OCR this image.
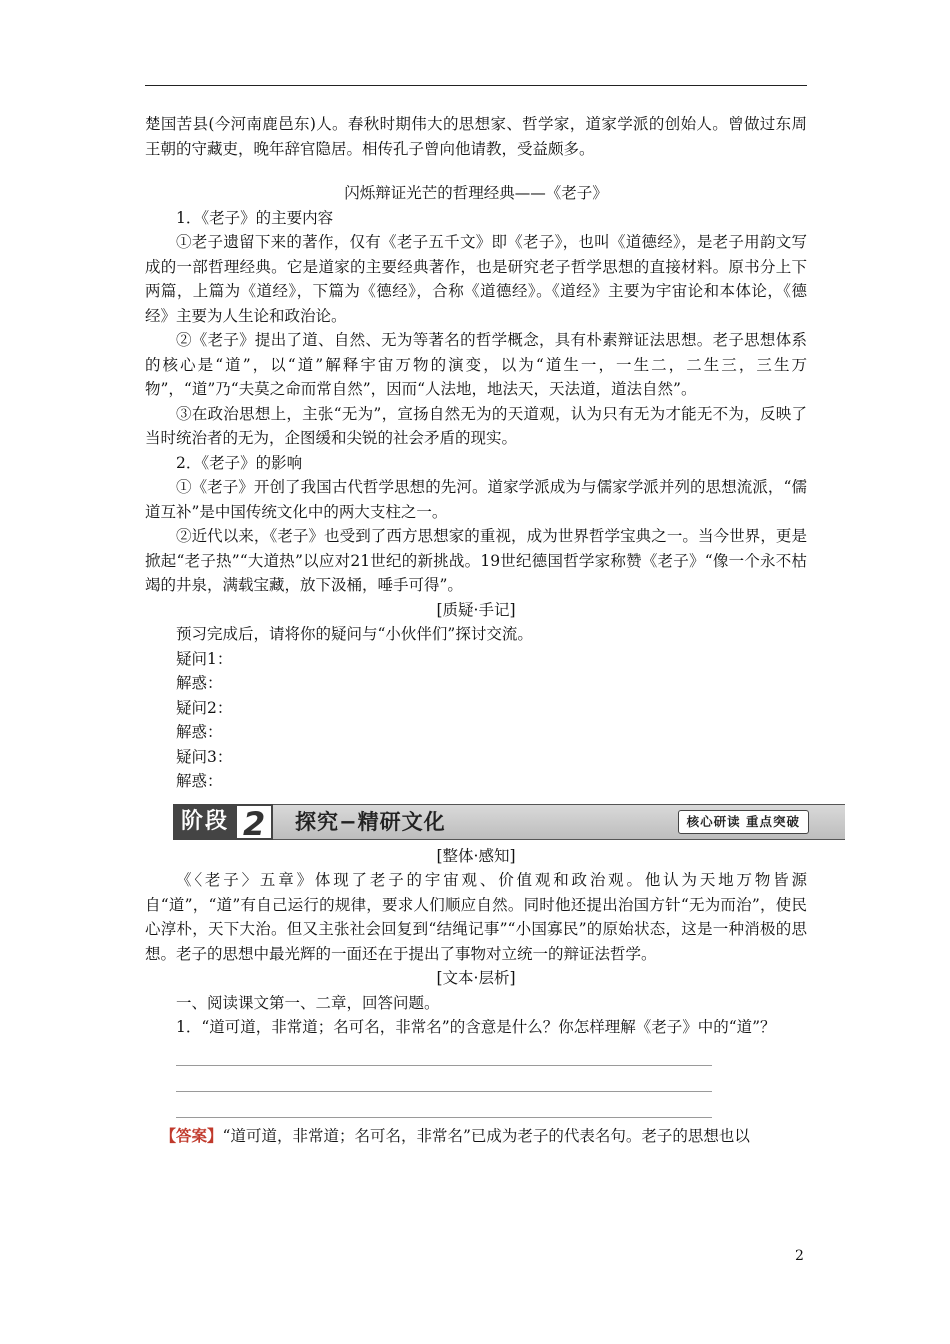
楚国苦县(今河南鹿邑东)人。春秋时期伟大的思想家、哲学家，道家学派的创始人。曾做过东周王朝的守藏吏，晚年辞官隐居。相传孔子曾向他请教，受益颇多。

闪烁辩证光芒的哲理经典——《老子》

1．《老子》的主要内容

①老子遗留下来的著作，仅有《老子五千文》即《老子》，也叫《道德经》，是老子用韵文写成的一部哲理经典。它是道家的主要经典著作，也是研究老子哲学思想的直接材料。原书分上下两篇，上篇为《道经》，下篇为《德经》，合称《道德经》。《道经》主要为宇宙论和本体论，《德经》主要为人生论和政治论。

②《老子》提出了道、自然、无为等著名的哲学概念，具有朴素辩证法思想。老子思想体系的核心是“道”，以“道”解释宇宙万物的演变，以为“道生一，一生二，二生三，三生万物”，“道”乃“夫莫之命而常自然”，因而“人法地，地法天，天法道，道法自然”。

③在政治思想上，主张“无为”，宣扬自然无为的天道观，认为只有无为才能无不为，反映了当时统治者的无为，企图缓和尖锐的社会矛盾的现实。

2．《老子》的影响

①《老子》开创了我国古代哲学思想的先河。道家学派成为与儒家学派并列的思想流派，“儒道互补”是中国传统文化中的两大支柱之一。

②近代以来，《老子》也受到了西方思想家的重视，成为世界哲学宝典之一。当今世界，更是掀起“老子热”“大道热”以应对21世纪的新挑战。19世纪德国哲学家称赞《老子》“像一个永不枯竭的井泉，满载宝藏，放下汲桶，唾手可得”。

[质疑·手记]

预习完成后，请将你的疑问与“小伙伴们”探讨交流。

疑问1：

解惑：

疑问2：

解惑：

疑问3：

解惑：

阶段 2	探究−精研文化	核心研读 重点突破

[整体·感知]

《〈老子〉五章》体现了老子的宇宙观、价值观和政治观。他认为天地万物皆源自“道”，“道”有自己运行的规律，要求人们顺应自然。同时他还提出治国方针“无为而治”，使民心淳朴，天下大治。但又主张社会回复到“结绳记事”“小国寡民”的原始状态，这是一种消极的思想。老子的思想中最光辉的一面还在于提出了事物对立统一的辩证法哲学。

[文本·层析]

一、阅读课文第一、二章，回答问题。

1．“道可道，非常道；名可名，非常名”的含意是什么？你怎样理解《老子》中的“道”？

【答案】“道可道，非常道；名可名，非常名”已成为老子的代表名句。老子的思想也以

2
